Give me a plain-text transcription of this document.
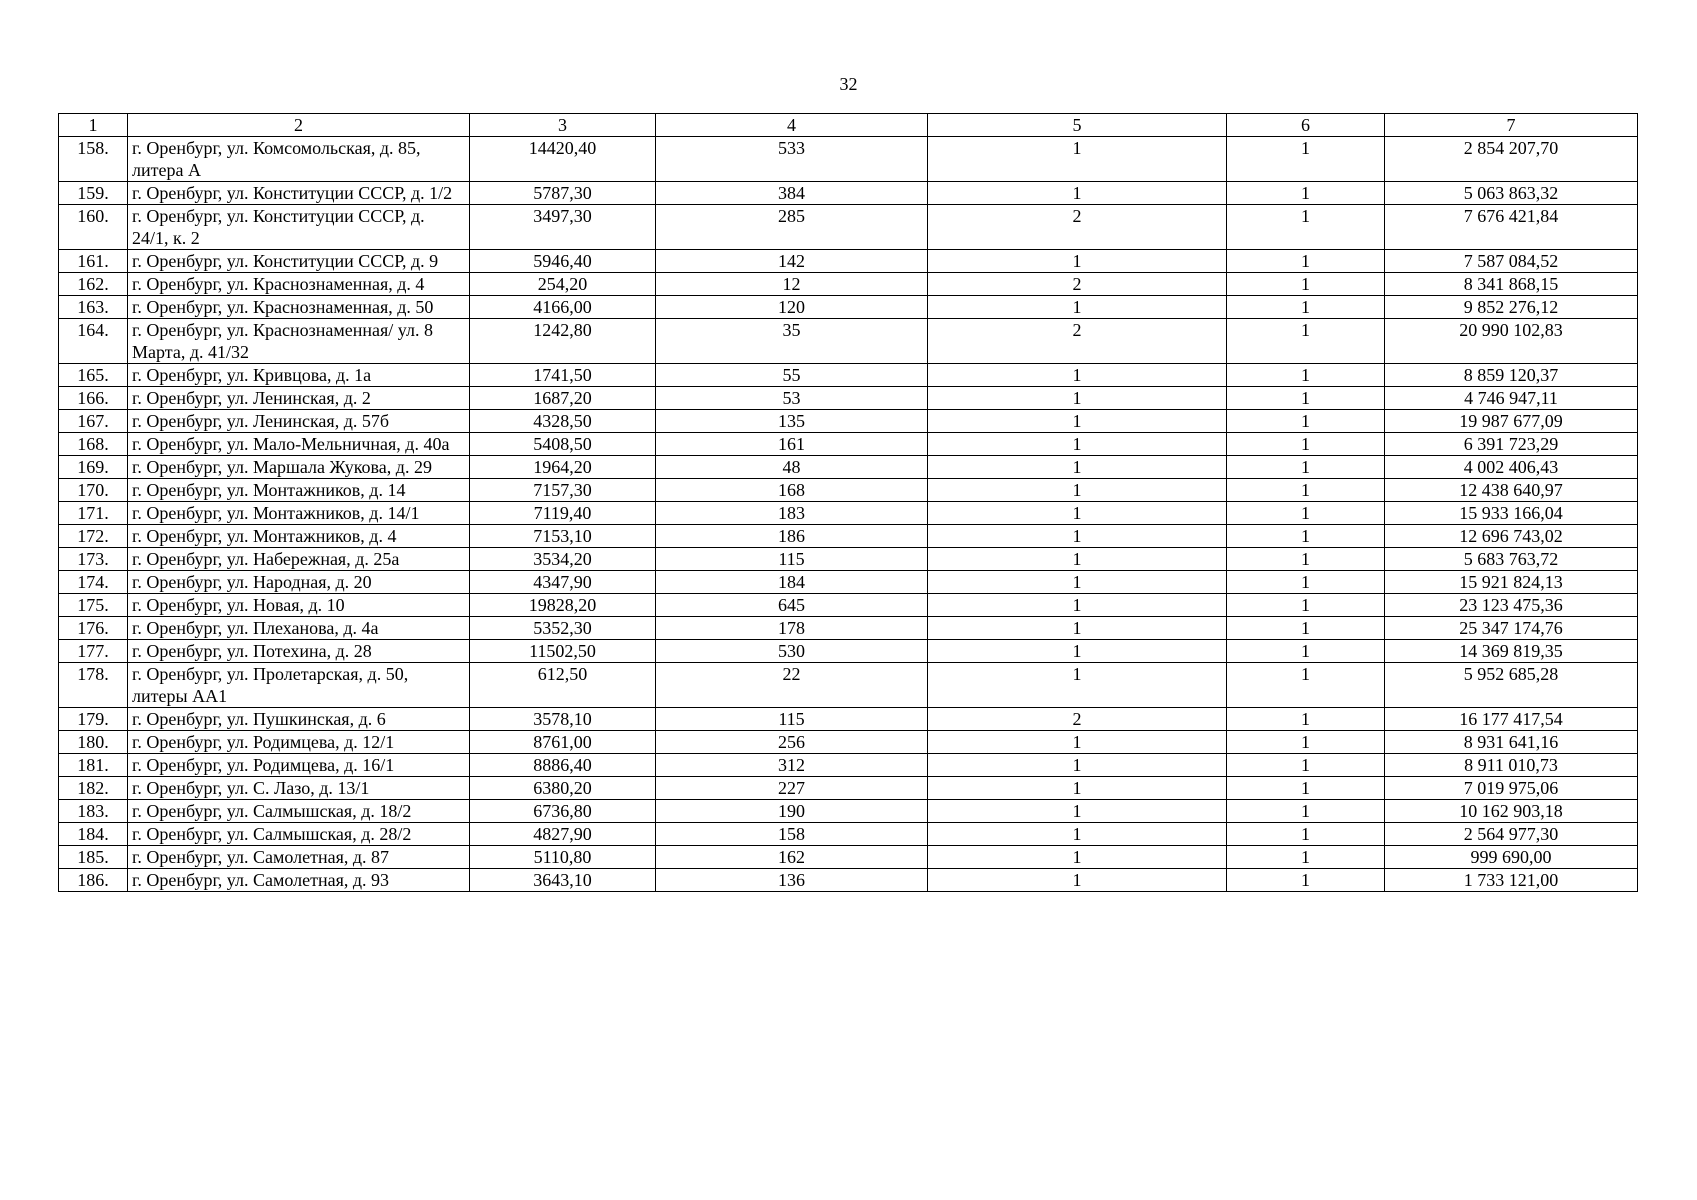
32
1	2	3	4	5	6	7
158.	г. Оренбург, ул. Комсомольская, д. 85, литера А	14420,40	533	1	1	2 854 207,70
159.	г. Оренбург, ул. Конституции СССР, д. 1/2	5787,30	384	1	1	5 063 863,32
160.	г. Оренбург, ул. Конституции СССР, д. 24/1, к. 2	3497,30	285	2	1	7 676 421,84
161.	г. Оренбург, ул. Конституции СССР, д. 9	5946,40	142	1	1	7 587 084,52
162.	г. Оренбург, ул. Краснознаменная, д. 4	254,20	12	2	1	8 341 868,15
163.	г. Оренбург, ул. Краснознаменная, д. 50	4166,00	120	1	1	9 852 276,12
164.	г. Оренбург, ул. Краснознаменная/ ул. 8 Марта, д. 41/32	1242,80	35	2	1	20 990 102,83
165.	г. Оренбург, ул. Кривцова, д. 1а	1741,50	55	1	1	8 859 120,37
166.	г. Оренбург, ул. Ленинская, д. 2	1687,20	53	1	1	4 746 947,11
167.	г. Оренбург, ул. Ленинская, д. 57б	4328,50	135	1	1	19 987 677,09
168.	г. Оренбург, ул. Мало-Мельничная, д. 40а	5408,50	161	1	1	6 391 723,29
169.	г. Оренбург, ул. Маршала Жукова, д. 29	1964,20	48	1	1	4 002 406,43
170.	г. Оренбург, ул. Монтажников, д. 14	7157,30	168	1	1	12 438 640,97
171.	г. Оренбург, ул. Монтажников, д. 14/1	7119,40	183	1	1	15 933 166,04
172.	г. Оренбург, ул. Монтажников, д. 4	7153,10	186	1	1	12 696 743,02
173.	г. Оренбург, ул. Набережная, д. 25а	3534,20	115	1	1	5 683 763,72
174.	г. Оренбург, ул. Народная, д. 20	4347,90	184	1	1	15 921 824,13
175.	г. Оренбург, ул. Новая, д. 10	19828,20	645	1	1	23 123 475,36
176.	г. Оренбург, ул. Плеханова, д. 4а	5352,30	178	1	1	25 347 174,76
177.	г. Оренбург, ул. Потехина, д. 28	11502,50	530	1	1	14 369 819,35
178.	г. Оренбург, ул. Пролетарская, д. 50, литеры АА1	612,50	22	1	1	5 952 685,28
179.	г. Оренбург, ул. Пушкинская, д. 6	3578,10	115	2	1	16 177 417,54
180.	г. Оренбург, ул. Родимцева, д. 12/1	8761,00	256	1	1	8 931 641,16
181.	г. Оренбург, ул. Родимцева, д. 16/1	8886,40	312	1	1	8 911 010,73
182.	г. Оренбург, ул. С. Лазо, д. 13/1	6380,20	227	1	1	7 019 975,06
183.	г. Оренбург, ул. Салмышская, д. 18/2	6736,80	190	1	1	10 162 903,18
184.	г. Оренбург, ул. Салмышская, д. 28/2	4827,90	158	1	1	2 564 977,30
185.	г. Оренбург, ул. Самолетная, д. 87	5110,80	162	1	1	999 690,00
186.	г. Оренбург, ул. Самолетная, д. 93	3643,10	136	1	1	1 733 121,00
